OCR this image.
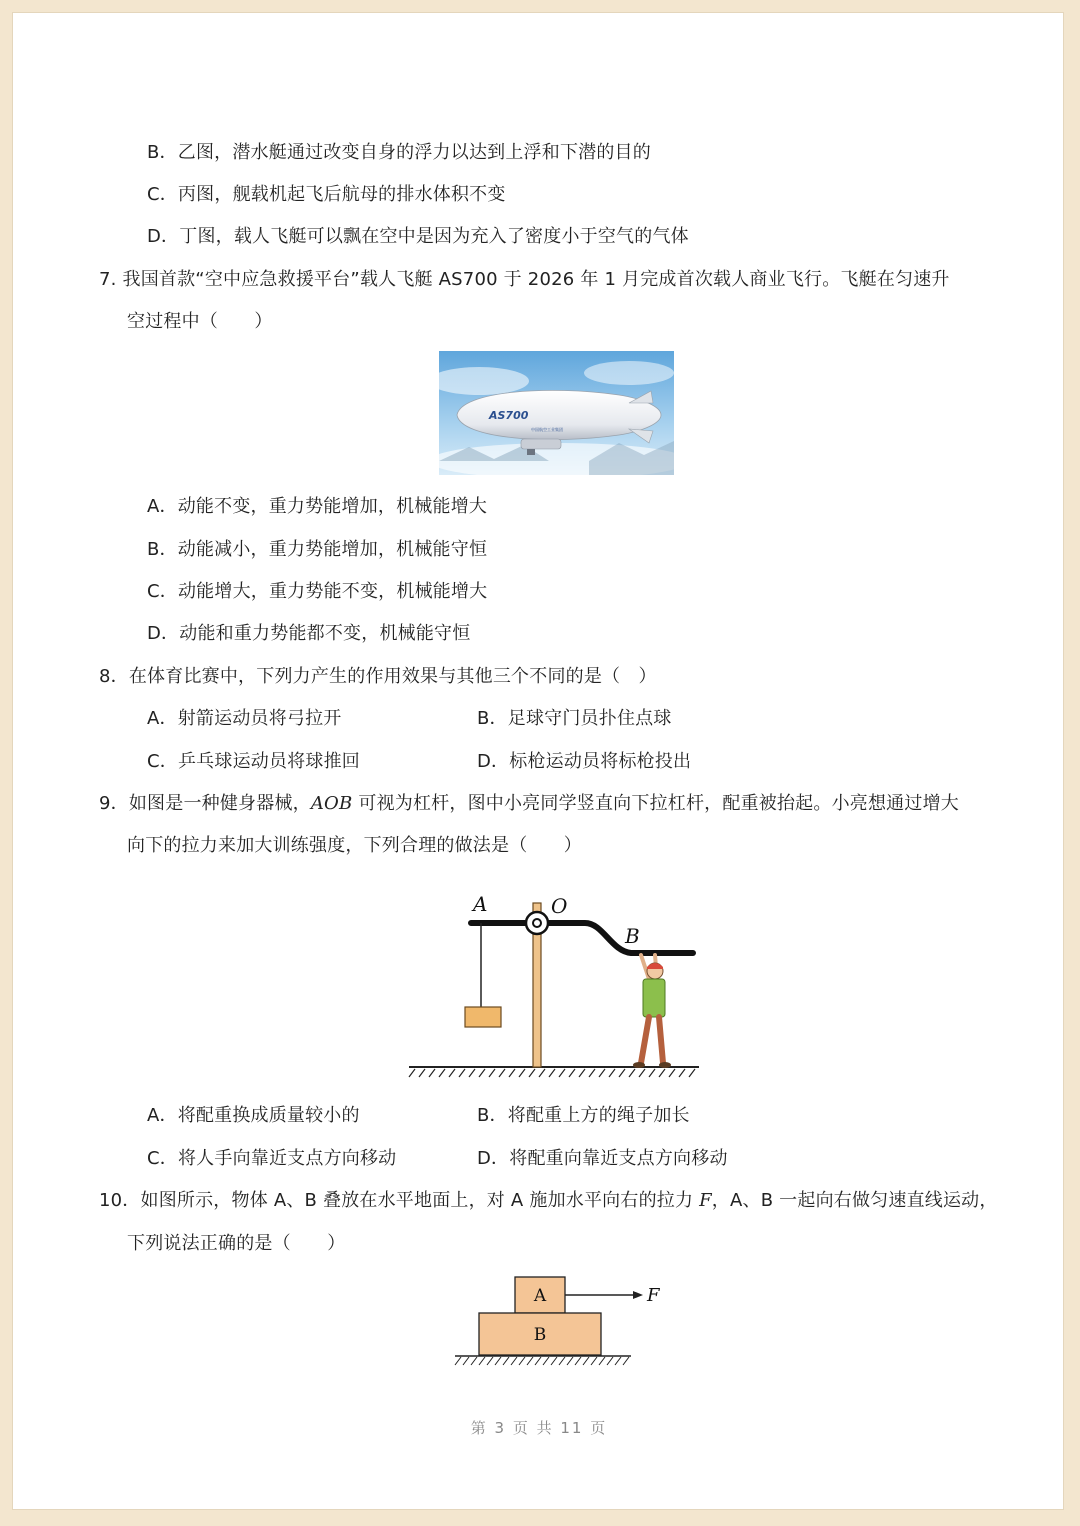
B．乙图，潜水艇通过改变自身的浮力以达到上浮和下潜的目的
C．丙图，舰载机起飞后航母的排水体积不变
D．丁图，载人飞艇可以飘在空中是因为充入了密度小于空气的气体
7. 我国首款“空中应急救援平台”载人飞艇 AS700 于 2026 年 1 月完成首次载人商业飞行。飞艇在匀速升
空过程中（　　）
AS700
中国航空工业集团
A．动能不变，重力势能增加，机械能增大
B．动能减小，重力势能增加，机械能守恒
C．动能增大，重力势能不变，机械能增大
D．动能和重力势能都不变，机械能守恒
8．在体育比赛中，下列力产生的作用效果与其他三个不同的是（　）
A．射箭运动员将弓拉开	B．足球守门员扑住点球
C．乒乓球运动员将球推回	D．标枪运动员将标枪投出
9．如图是一种健身器械，AOB 可视为杠杆，图中小亮同学竖直向下拉杠杆，配重被抬起。小亮想通过增大
向下的拉力来加大训练强度，下列合理的做法是（　　）
A	O
B
A．将配重换成质量较小的	B．将配重上方的绳子加长
C．将人手向靠近支点方向移动	D．将配重向靠近支点方向移动
10．如图所示，物体 A、B 叠放在水平地面上，对 A 施加水平向右的拉力 F，A、B 一起向右做匀速直线运动，
下列说法正确的是（　　）
A
B
F
第 3 页 共 11 页
